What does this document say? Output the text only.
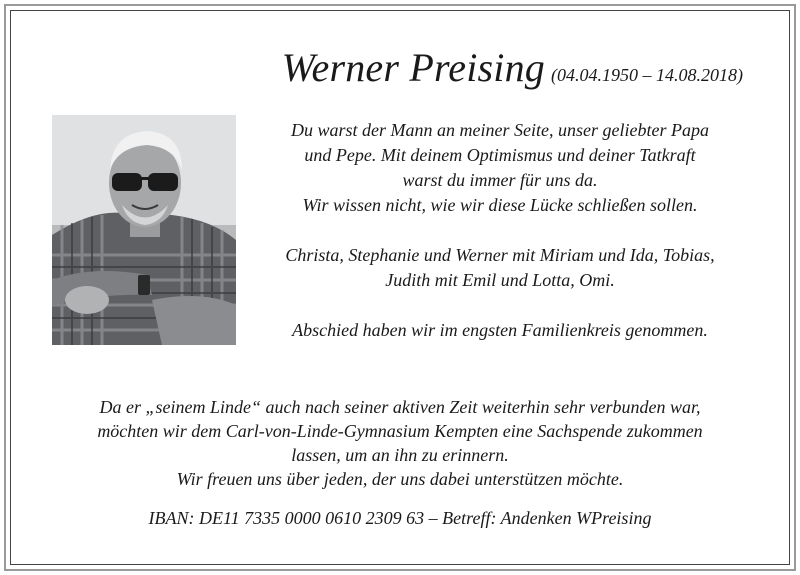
Werner Preising (04.04.1950 – 14.08.2018)
Du warst der Mann an meiner Seite, unser geliebter Papa
und Pepe. Mit deinem Optimismus und deiner Tatkraft
warst du immer für uns da.
Wir wissen nicht, wie wir diese Lücke schließen sollen.
Christa, Stephanie und Werner mit Miriam und Ida, Tobias,
Judith mit Emil und Lotta, Omi.
Abschied haben wir im engsten Familienkreis genommen.
Da er „seinem Linde“ auch nach seiner aktiven Zeit weiterhin sehr verbunden war,
möchten wir dem Carl-von-Linde-Gymnasium Kempten eine Sachspende zukommen
lassen, um an ihn zu erinnern.
Wir freuen uns über jeden, der uns dabei unterstützen möchte.
IBAN: DE11 7335 0000 0610 2309 63 – Betreff: Andenken WPreising
